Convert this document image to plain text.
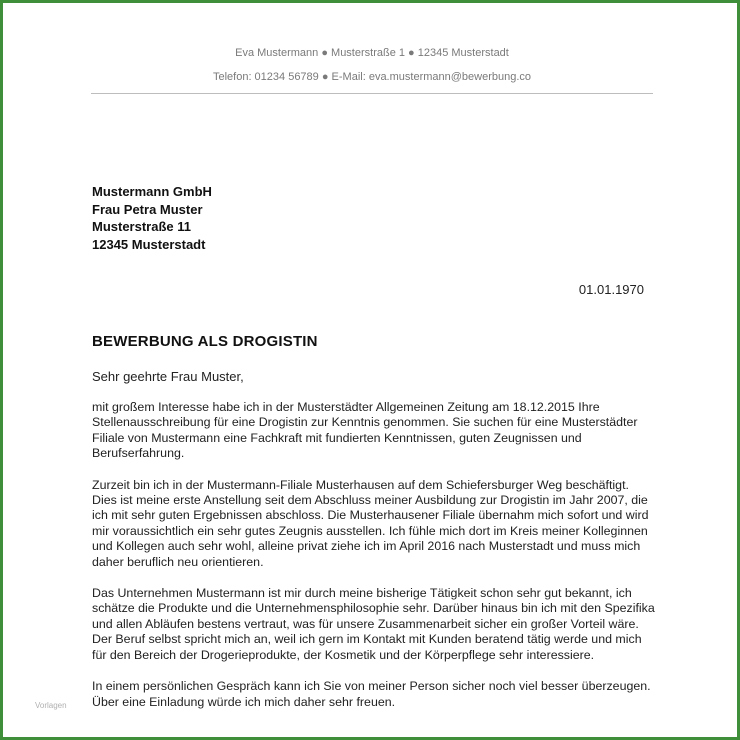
Eva Mustermann ● Musterstraße 1 ● 12345 Musterstadt
Telefon: 01234 56789 ● E-Mail: eva.mustermann@bewerbung.co
Mustermann GmbH
Frau Petra Muster
Musterstraße 11
12345 Musterstadt
01.01.1970
BEWERBUNG ALS DROGISTIN
Sehr geehrte Frau Muster,

mit großem Interesse habe ich in der Musterstädter Allgemeinen Zeitung am 18.12.2015 Ihre Stellenausschreibung für eine Drogistin zur Kenntnis genommen. Sie suchen für eine Musterstädter Filiale von Mustermann eine Fachkraft mit fundierten Kenntnissen, guten Zeugnissen und Berufserfahrung.

Zurzeit bin ich in der Mustermann-Filiale Musterhausen auf dem Schiefersburger Weg beschäftigt. Dies ist meine erste Anstellung seit dem Abschluss meiner Ausbildung zur Drogistin im Jahr 2007, die ich mit sehr guten Ergebnissen abschloss. Die Musterhausener Filiale übernahm mich sofort und wird mir voraussichtlich ein sehr gutes Zeugnis ausstellen. Ich fühle mich dort im Kreis meiner Kolleginnen und Kollegen auch sehr wohl, alleine privat ziehe ich im April 2016 nach Musterstadt und muss mich daher beruflich neu orientieren.

Das Unternehmen Mustermann ist mir durch meine bisherige Tätigkeit schon sehr gut bekannt, ich schätze die Produkte und die Unternehmensphilosophie sehr. Darüber hinaus bin ich mit den Spezifika und allen Abläufen bestens vertraut, was für unsere Zusammenarbeit sicher ein großer Vorteil wäre. Der Beruf selbst spricht mich an, weil ich gern im Kontakt mit Kunden beratend tätig werde und mich für den Bereich der Drogerieprodukte, der Kosmetik und der Körperpflege sehr interessiere.

In einem persönlichen Gespräch kann ich Sie von meiner Person sicher noch viel besser überzeugen. Über eine Einladung würde ich mich daher sehr freuen.

Vorlagen
